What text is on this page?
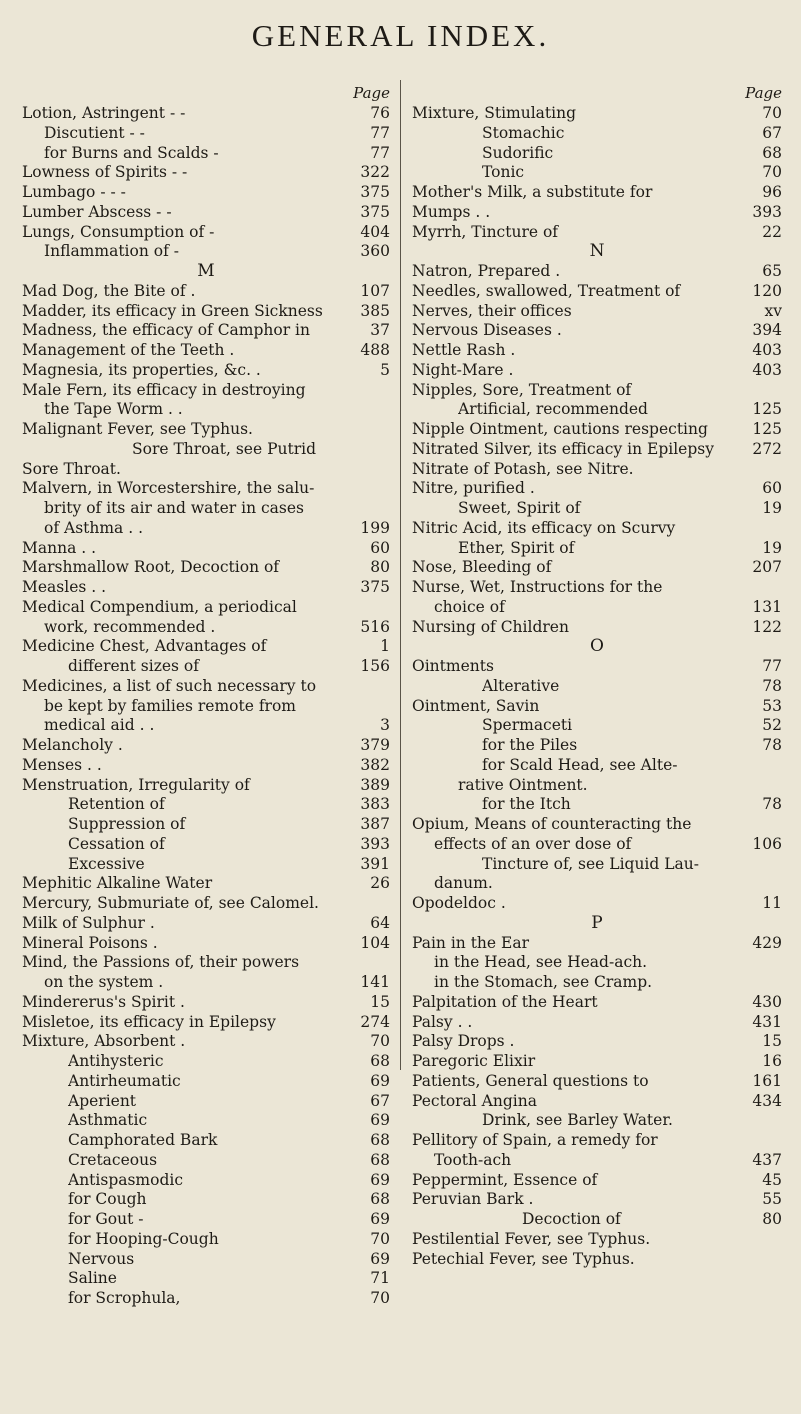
GENERAL INDEX.
Page
Lotion, Astringent - -	76
Discutient - -	77
for Burns and Scalds -	77
Lowness of Spirits - -	322
Lumbago - - -	375
Lumber Abscess - -	375
Lungs, Consumption of -	404
Inflammation of -	360
M
Mad Dog, the Bite of .	107
Madder, its efficacy in Green Sickness	385
Madness, the efficacy of Camphor in	37
Management of the Teeth .	488
Magnesia, its properties, &c. .	5
Male Fern, its efficacy in destroying
the Tape Worm . .
Malignant Fever, see Typhus.
Sore Throat, see Putrid
Sore Throat.
Malvern, in Worcestershire, the salu-
brity of its air and water in cases
of Asthma . .	199
Manna . .	60
Marshmallow Root, Decoction of	80
Measles . .	375
Medical Compendium, a periodical
work, recommended .	516
Medicine Chest, Advantages of	1
different sizes of	156
Medicines, a list of such necessary to
be kept by families remote from
medical aid . .	3
Melancholy .	379
Menses . .	382
Menstruation, Irregularity of	389
Retention of	383
Suppression of	387
Cessation of	393
Excessive	391
Mephitic Alkaline Water	26
Mercury, Submuriate of, see Calomel.
Milk of Sulphur .	64
Mineral Poisons .	104
Mind, the Passions of, their powers
on the system .	141
Mindererus's Spirit .	15
Misletoe, its efficacy in Epilepsy	274
Mixture, Absorbent .	70
Antihysteric	68
Antirheumatic	69
Aperient	67
Asthmatic	69
Camphorated Bark	68
Cretaceous	68
Antispasmodic	69
for Cough	68
for Gout -	69
for Hooping-Cough	70
Nervous	69
Saline	71
for Scrophula,	70
Page
Mixture, Stimulating	70
Stomachic	67
Sudorific	68
Tonic	70
Mother's Milk, a substitute for	96
Mumps . .	393
Myrrh, Tincture of	22
N
Natron, Prepared .	65
Needles, swallowed, Treatment of	120
Nerves, their offices	xv
Nervous Diseases .	394
Nettle Rash .	403
Night-Mare .	403
Nipples, Sore, Treatment of
Artificial, recommended	125
Nipple Ointment, cautions respecting	125
Nitrated Silver, its efficacy in Epilepsy	272
Nitrate of Potash, see Nitre.
Nitre, purified .	60
Sweet, Spirit of	19
Nitric Acid, its efficacy on Scurvy
Ether, Spirit of	19
Nose, Bleeding of	207
Nurse, Wet, Instructions for the
choice of	131
Nursing of Children	122
O
Ointments	77
Alterative	78
Ointment, Savin	53
Spermaceti	52
for the Piles	78
for Scald Head, see Alte-
rative Ointment.
for the Itch	78
Opium, Means of counteracting the
effects of an over dose of	106
Tincture of, see Liquid Lau-
danum.
Opodeldoc .	11
P
Pain in the Ear	429
in the Head, see Head-ach.
in the Stomach, see Cramp.
Palpitation of the Heart	430
Palsy . .	431
Palsy Drops .	15
Paregoric Elixir	16
Patients, General questions to	161
Pectoral Angina	434
Drink, see Barley Water.
Pellitory of Spain, a remedy for
Tooth-ach	437
Peppermint, Essence of	45
Peruvian Bark .	55
Decoction of	80
Pestilential Fever, see Typhus.
Petechial Fever, see Typhus.
